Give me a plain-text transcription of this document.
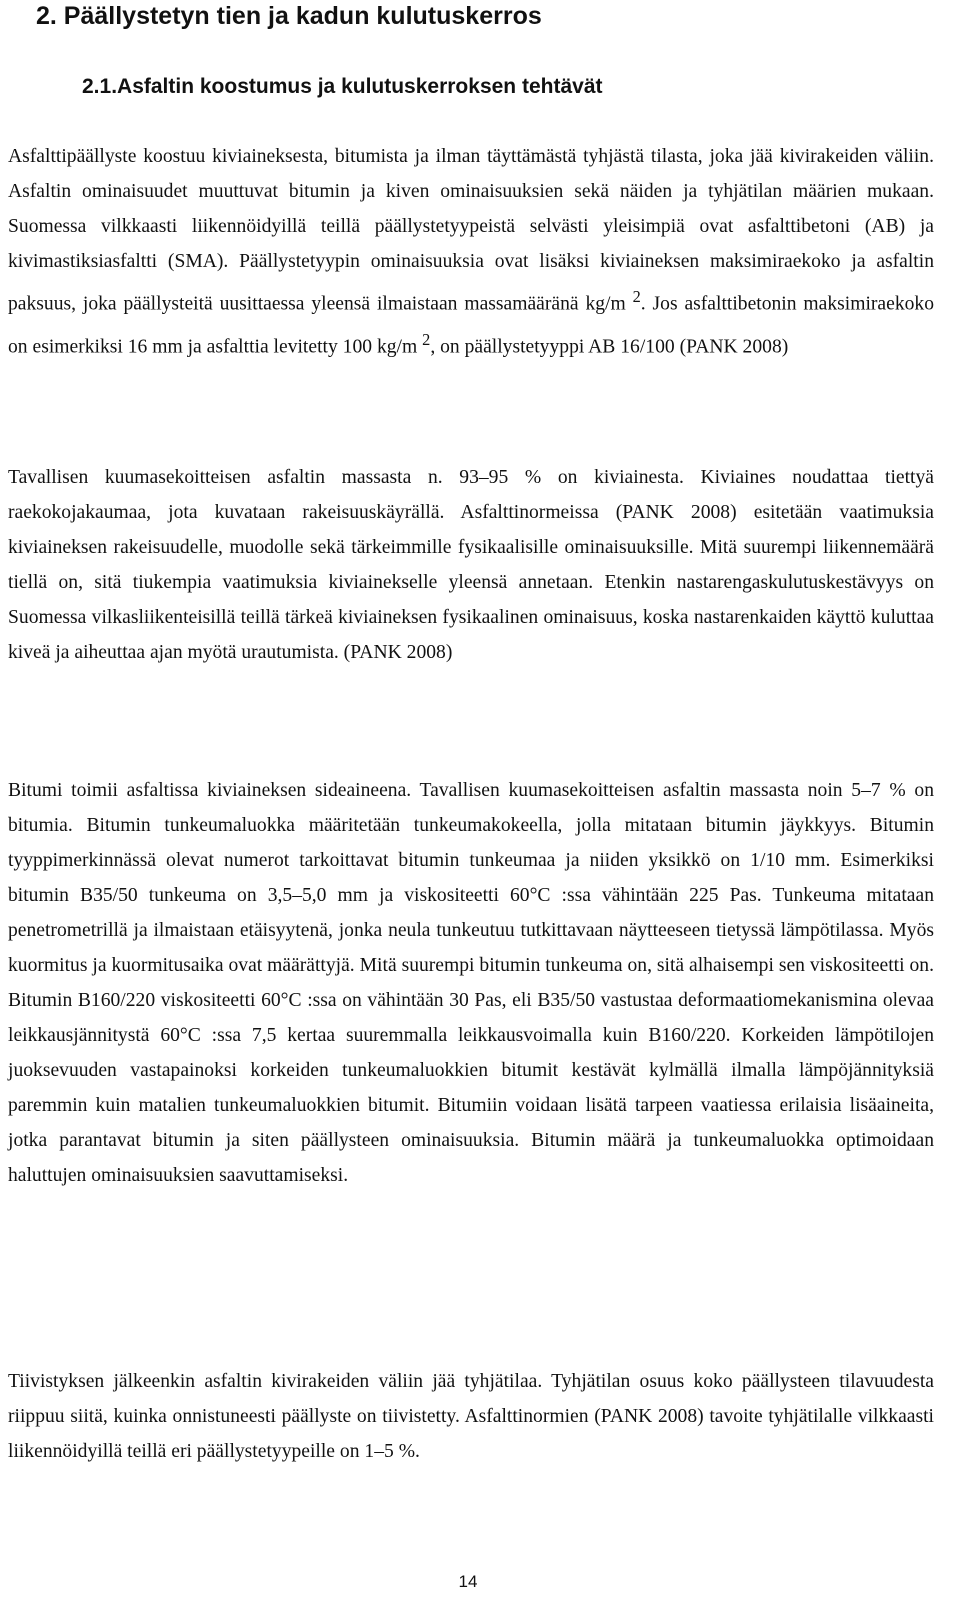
2. Päällystetyn tien ja kadun kulutuskerros
2.1.Asfaltin koostumus ja kulutuskerroksen tehtävät

Asfalttipäällyste koostuu kiviaineksesta, bitumista ja ilman täyttämästä tyhjästä tilasta, joka jää kivirakeiden väliin. Asfaltin ominaisuudet muuttuvat bitumin ja kiven ominaisuuksien sekä näiden ja tyhjätilan määrien mukaan. Suomessa vilkkaasti liikennöidyillä teillä päällystetyypeistä selvästi yleisimpiä ovat asfalttibetoni (AB) ja kivimastiksiasfaltti (SMA). Päällystetyypin ominaisuuksia ovat lisäksi kiviaineksen maksimiraekoko ja asfaltin paksuus, joka päällysteitä uusittaessa yleensä ilmaistaan massamääränä kg/m $^2$. Jos asfalttibetonin maksimiraekoko on esimerkiksi 16 mm ja asfalttia levitetty 100 kg/m $^2$, on päällystetyyppi AB 16/100 (PANK 2008)

Tavallisen kuumasekoitteisen asfaltin massasta n. 93–95 % on kiviainesta. Kiviaines noudattaa tiettyä raekokojakaumaa, jota kuvataan rakeisuuskäyrällä. Asfalttinormeissa (PANK 2008) esitetään vaatimuksia kiviaineksen rakeisuudelle, muodolle sekä tärkeimmille fysikaalisille ominaisuuksille. Mitä suurempi liikennemäärä tiellä on, sitä tiukempia vaatimuksia kiviainekselle yleensä annetaan. Etenkin nastarengaskulutuskestävyys on Suomessa vilkasliikenteisillä teillä tärkeä kiviaineksen fysikaalinen ominaisuus, koska nastarenkaiden käyttö kuluttaa kiveä ja aiheuttaa ajan myötä urautumista. (PANK 2008)

Bitumi toimii asfaltissa kiviaineksen sideaineena. Tavallisen kuumasekoitteisen asfaltin massasta noin 5–7 % on bitumia. Bitumin tunkeumaluokka määritetään tunkeumakokeella, jolla mitataan bitumin jäykkyys. Bitumin tyyppimerkinnässä olevat numerot tarkoittavat bitumin tunkeumaa ja niiden yksikkö on 1/10 mm. Esimerkiksi bitumin B35/50 tunkeuma on 3,5–5,0 mm ja viskositeetti 60°C :ssa vähintään 225 Pas. Tunkeuma mitataan penetrometrillä ja ilmaistaan etäisyytenä, jonka neula tunkeutuu tutkittavaan näytteeseen tietyssä lämpötilassa. Myös kuormitus ja kuormitusaika ovat määrättyjä. Mitä suurempi bitumin tunkeuma on, sitä alhaisempi sen viskositeetti on. Bitumin B160/220 viskositeetti 60°C :ssa on vähintään 30 Pas, eli B35/50 vastustaa deformaatiomekanismina olevaa leikkausjännitystä 60°C :ssa 7,5 kertaa suuremmalla leikkausvoimalla kuin B160/220. Korkeiden lämpötilojen juoksevuuden vastapainoksi korkeiden tunkeumaluokkien bitumit kestävät kylmällä ilmalla lämpöjännityksiä paremmin kuin matalien tunkeumaluokkien bitumit. Bitumiin voidaan lisätä tarpeen vaatiessa erilaisia lisäaineita, jotka parantavat bitumin ja siten päällysteen ominaisuuksia. Bitumin määrä ja tunkeumaluokka optimoidaan haluttujen ominaisuuksien saavuttamiseksi.

Tiivistyksen jälkeenkin asfaltin kivirakeiden väliin jää tyhjätilaa. Tyhjätilan osuus koko päällysteen tilavuudesta riippuu siitä, kuinka onnistuneesti päällyste on tiivistetty. Asfalttinormien (PANK 2008) tavoite tyhjätilalle vilkkaasti liikennöidyillä teillä eri päällystetyypeille on 1–5 %.

14
